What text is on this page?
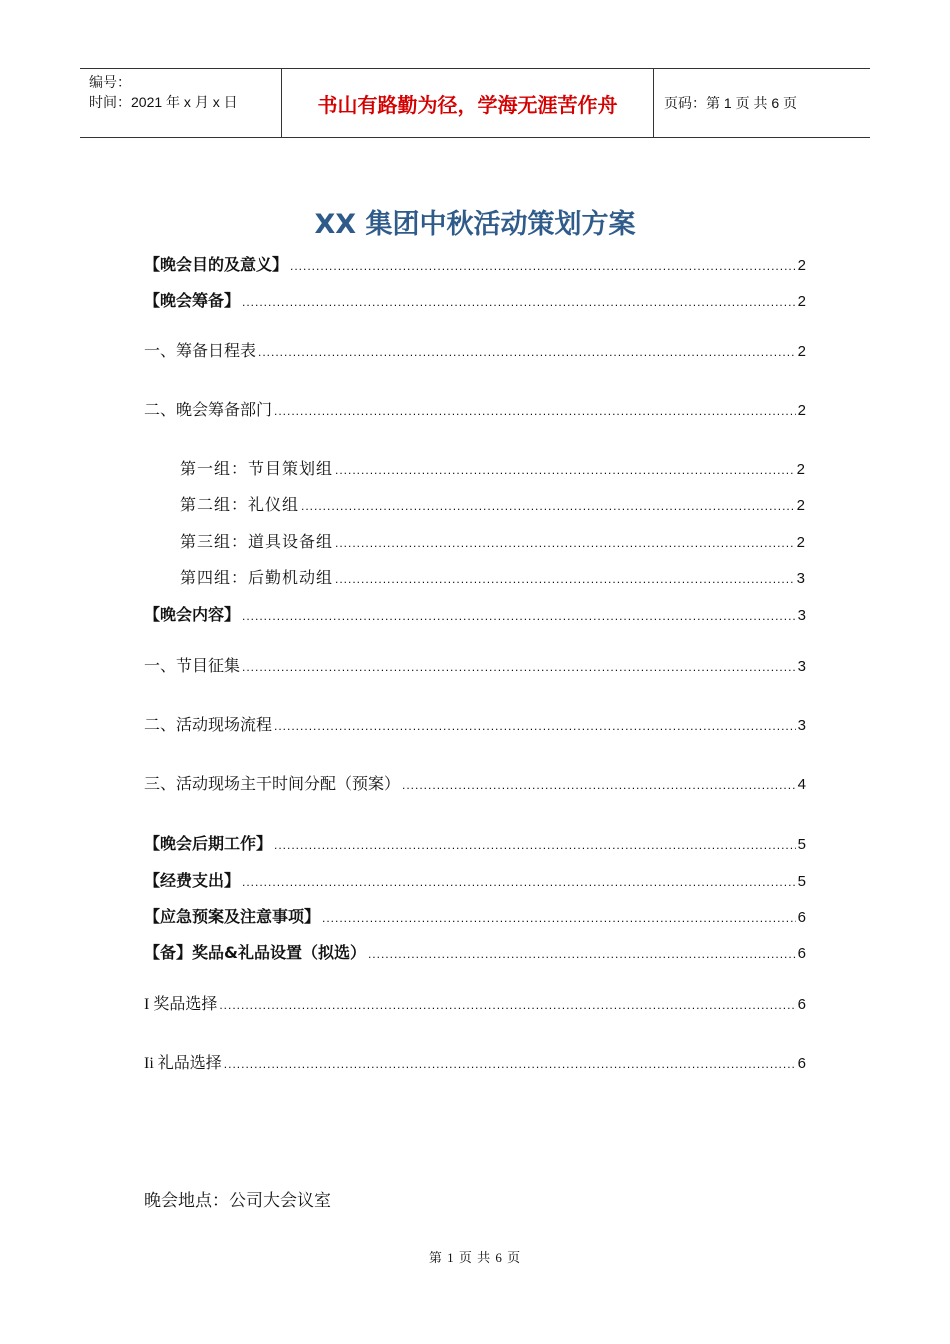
编号：
时间：2021 年 x 月 x 日	书山有路勤为径，学海无涯苦作舟	页码：第 1 页 共 6 页
XX 集团中秋活动策划方案
【晚会目的及意义】 .....	2
【晚会筹备】 .....	2
一、筹备日程表 .....	2
二、晚会筹备部门 .....	2
第一组：节目策划组 .....	2
第二组：礼仪组 .....	2
第三组：道具设备组 .....	2
第四组：后勤机动组 .....	3
【晚会内容】 .....	3
一、节目征集 .....	3
二、活动现场流程 .....	3
三、活动现场主干时间分配（预案） .....	4
【晚会后期工作】 .....	5
【经费支出】 .....	5
【应急预案及注意事项】 .....	6
【备】奖品&礼品设置（拟选） .....	6
I 奖品选择 .....	6
Ii 礼品选择 .....	6
晚会地点：公司大会议室
第 1 页 共 6 页
